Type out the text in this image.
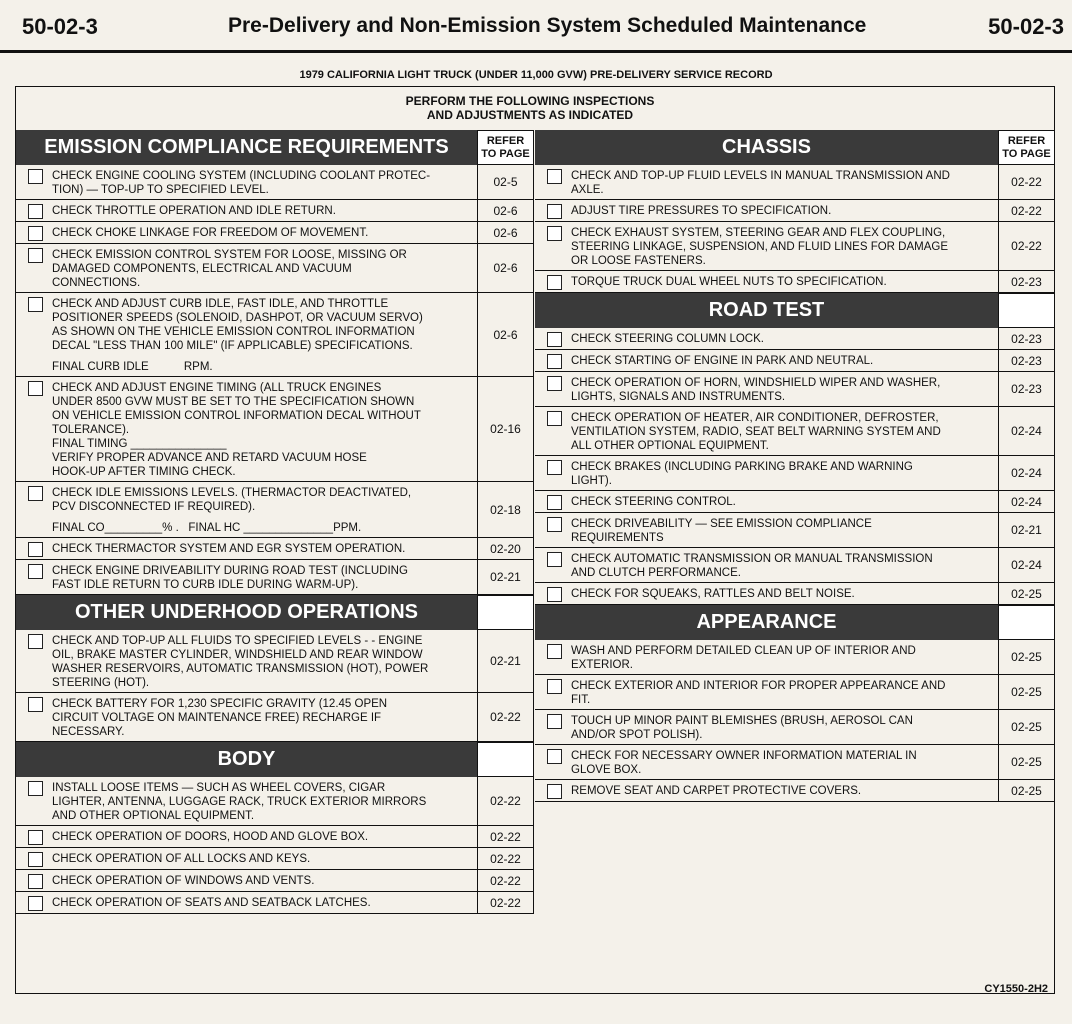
50-02-3	Pre-Delivery and Non-Emission System Scheduled Maintenance	50-02-3
1979 CALIFORNIA LIGHT TRUCK (UNDER 11,000 GVW) PRE-DELIVERY SERVICE RECORD
PERFORM THE FOLLOWING INSPECTIONS
AND ADJUSTMENTS AS INDICATED
EMISSION COMPLIANCE REQUIREMENTS	REFER
TO PAGE
CHECK ENGINE COOLING SYSTEM (INCLUDING COOLANT PROTEC-
TION) — TOP-UP TO SPECIFIED LEVEL.
02-5
CHECK THROTTLE OPERATION AND IDLE RETURN.	02-6
CHECK CHOKE LINKAGE FOR FREEDOM OF MOVEMENT.	02-6
CHECK EMISSION CONTROL SYSTEM FOR LOOSE, MISSING OR
DAMAGED COMPONENTS, ELECTRICAL AND VACUUM
CONNECTIONS.
02-6
CHECK AND ADJUST CURB IDLE, FAST IDLE, AND THROTTLE
POSITIONER SPEEDS (SOLENOID, DASHPOT, OR VACUUM SERVO)
AS SHOWN ON THE VEHICLE EMISSION CONTROL INFORMATION
DECAL "LESS THAN 100 MILE" (IF APPLICABLE) SPECIFICATIONS.
FINAL CURB IDLE           RPM.
02-6
CHECK AND ADJUST ENGINE TIMING (ALL TRUCK ENGINES
UNDER 8500 GVW MUST BE SET TO THE SPECIFICATION SHOWN
ON VEHICLE EMISSION CONTROL INFORMATION DECAL WITHOUT
TOLERANCE).
FINAL TIMING _______________
VERIFY PROPER ADVANCE AND RETARD VACUUM HOSE
HOOK-UP AFTER TIMING CHECK.
02-16
CHECK IDLE EMISSIONS LEVELS. (THERMACTOR DEACTIVATED,
PCV DISCONNECTED IF REQUIRED).
FINAL CO_________% .   FINAL HC ______________PPM.
02-18
CHECK THERMACTOR SYSTEM AND EGR SYSTEM OPERATION.	02-20
CHECK ENGINE DRIVEABILITY DURING ROAD TEST (INCLUDING
FAST IDLE RETURN TO CURB IDLE DURING WARM-UP).
02-21
OTHER UNDERHOOD OPERATIONS
CHECK AND TOP-UP ALL FLUIDS TO SPECIFIED LEVELS - - ENGINE
OIL, BRAKE MASTER CYLINDER, WINDSHIELD AND REAR WINDOW
WASHER RESERVOIRS, AUTOMATIC TRANSMISSION (HOT), POWER
STEERING (HOT).
02-21
CHECK BATTERY FOR 1,230 SPECIFIC GRAVITY (12.45 OPEN
CIRCUIT VOLTAGE ON MAINTENANCE FREE) RECHARGE IF
NECESSARY.
02-22
BODY
INSTALL LOOSE ITEMS — SUCH AS WHEEL COVERS, CIGAR
LIGHTER, ANTENNA, LUGGAGE RACK, TRUCK EXTERIOR MIRRORS
AND OTHER OPTIONAL EQUIPMENT.
02-22
CHECK OPERATION OF DOORS, HOOD AND GLOVE BOX.	02-22
CHECK OPERATION OF ALL LOCKS AND KEYS.	02-22
CHECK OPERATION OF WINDOWS AND VENTS.	02-22
CHECK OPERATION OF SEATS AND SEATBACK LATCHES.	02-22
CHASSIS	REFER
TO PAGE
CHECK AND TOP-UP FLUID LEVELS IN MANUAL TRANSMISSION AND
AXLE.
02-22
ADJUST TIRE PRESSURES TO SPECIFICATION.	02-22
CHECK EXHAUST SYSTEM, STEERING GEAR AND FLEX COUPLING,
STEERING LINKAGE, SUSPENSION, AND FLUID LINES FOR DAMAGE
OR LOOSE FASTENERS.
02-22
TORQUE TRUCK DUAL WHEEL NUTS TO SPECIFICATION.	02-23
ROAD TEST
CHECK STEERING COLUMN LOCK.	02-23
CHECK STARTING OF ENGINE IN PARK AND NEUTRAL.	02-23
CHECK OPERATION OF HORN, WINDSHIELD WIPER AND WASHER,
LIGHTS, SIGNALS AND INSTRUMENTS.
02-23
CHECK OPERATION OF HEATER, AIR CONDITIONER, DEFROSTER,
VENTILATION SYSTEM, RADIO, SEAT BELT WARNING SYSTEM AND
ALL OTHER OPTIONAL EQUIPMENT.
02-24
CHECK BRAKES (INCLUDING PARKING BRAKE AND WARNING
LIGHT).
02-24
CHECK STEERING CONTROL.	02-24
CHECK DRIVEABILITY — SEE EMISSION COMPLIANCE
REQUIREMENTS
02-21
CHECK AUTOMATIC TRANSMISSION OR MANUAL TRANSMISSION
AND CLUTCH PERFORMANCE.
02-24
CHECK FOR SQUEAKS, RATTLES AND BELT NOISE.	02-25
APPEARANCE
WASH AND PERFORM DETAILED CLEAN UP OF INTERIOR AND
EXTERIOR.
02-25
CHECK EXTERIOR AND INTERIOR FOR PROPER APPEARANCE AND
FIT.
02-25
TOUCH UP MINOR PAINT BLEMISHES (BRUSH, AEROSOL CAN
AND/OR SPOT POLISH).
02-25
CHECK FOR NECESSARY OWNER INFORMATION MATERIAL IN
GLOVE BOX.
02-25
REMOVE SEAT AND CARPET PROTECTIVE COVERS.	02-25
CY1550-2H2
